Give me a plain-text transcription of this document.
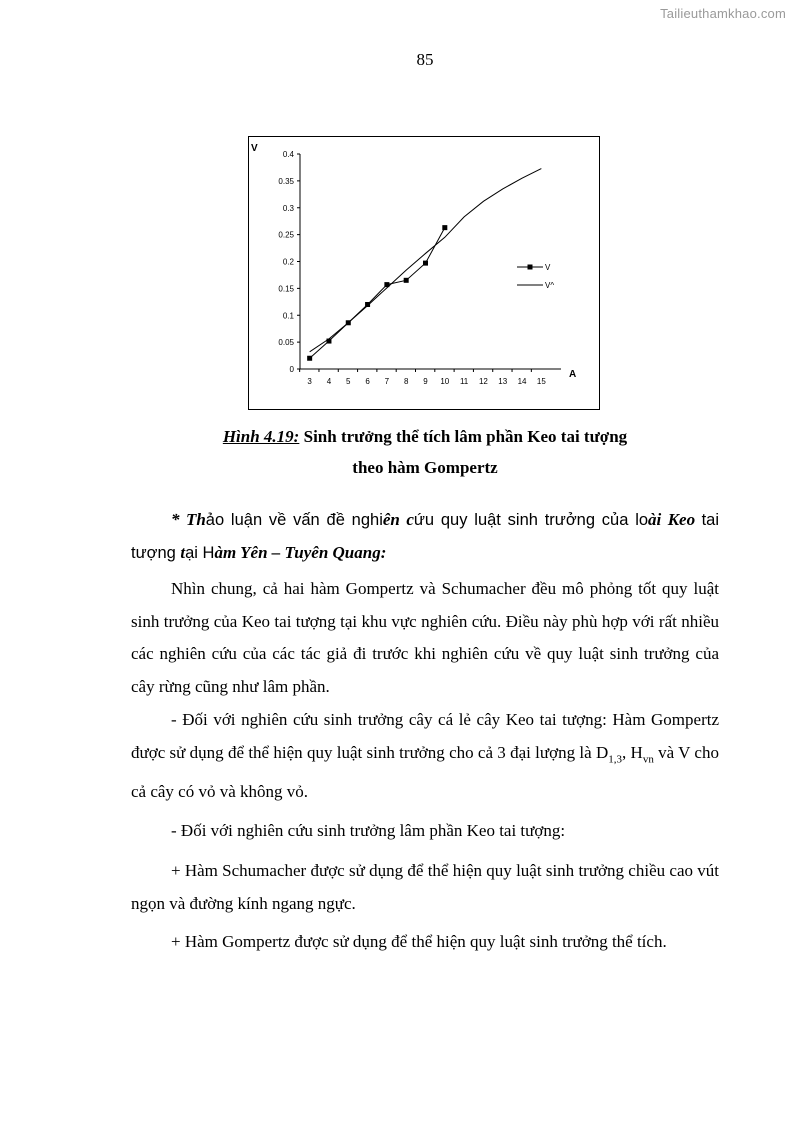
Tailieuthamkhao.com
85
V
A
0
0.05
0.1
0.15
0.2
0.25
0.3
0.35
0.4
3 4 5 6 7 8 9 10 11 12 13 14 15
V
V^
Hình 4.19: Sinh trưởng thể tích lâm phần Keo tai tượng
theo hàm Gompertz
* Thảo luận về vấn đề nghiên cứu quy luật sinh trưởng của loài Keo tai tượng tại Hàm Yên – Tuyên Quang:
Nhìn chung, cả hai hàm Gompertz và Schumacher đều mô phỏng tốt quy luật sinh trưởng của Keo tai tượng tại khu vực nghiên cứu. Điều này phù hợp với rất nhiều các nghiên cứu của các tác giả đi trước khi nghiên cứu về quy luật sinh trưởng của cây rừng cũng như lâm phần.
- Đối với nghiên cứu sinh trưởng cây cá lẻ cây Keo tai tượng: Hàm Gompertz được sử dụng để thể hiện quy luật sinh trưởng cho cả 3 đại lượng là $D_{1,3}$, $H_{vn}$ và V cho cả cây có vỏ và không vỏ.
- Đối với nghiên cứu sinh trưởng lâm phần Keo tai tượng:
+ Hàm Schumacher được sử dụng để thể hiện quy luật sinh trưởng chiều cao vút ngọn và đường kính ngang ngực.
+ Hàm Gompertz được sử dụng để thể hiện quy luật sinh trưởng thể tích.
